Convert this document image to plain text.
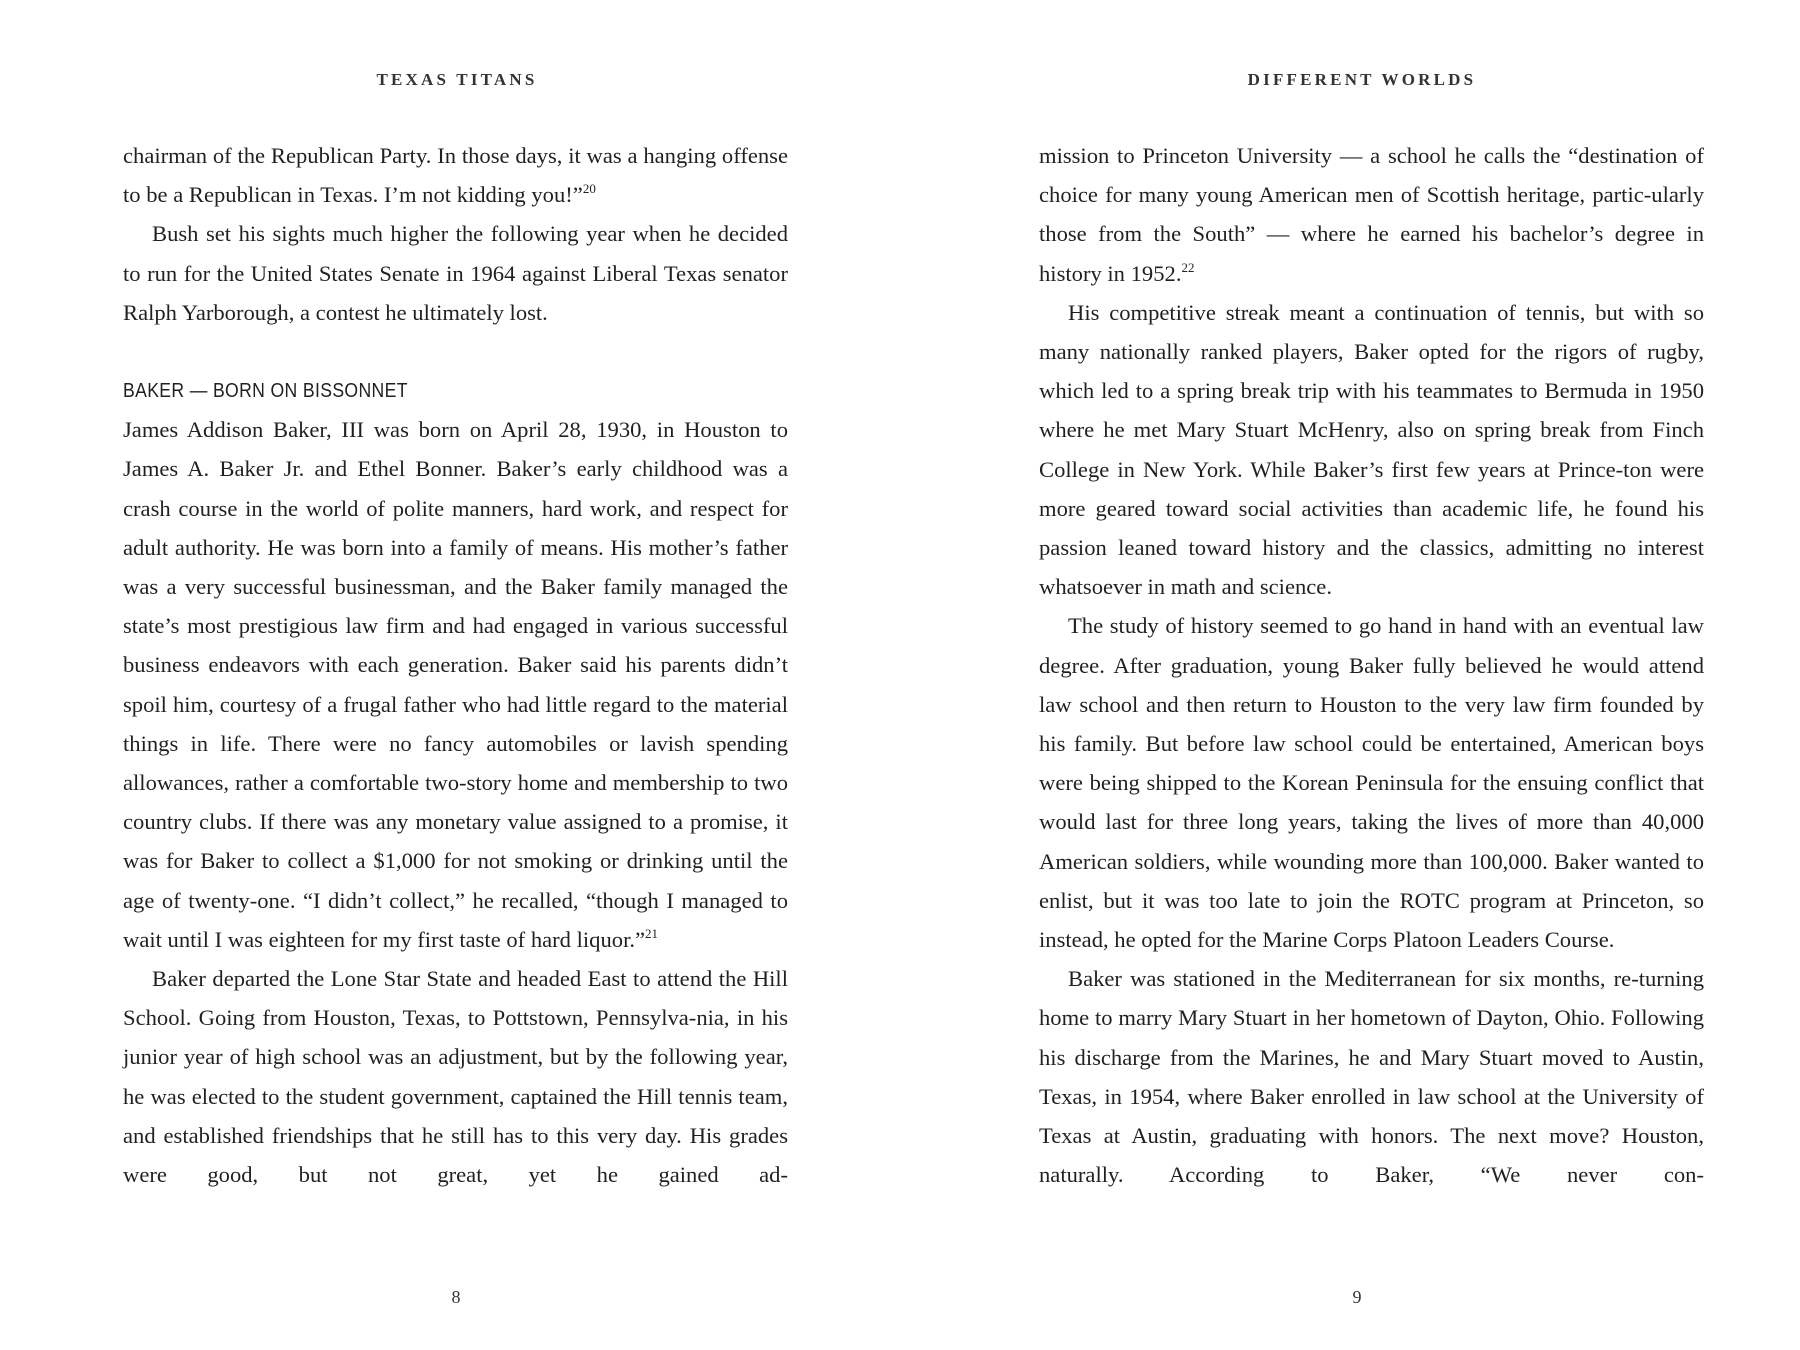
TEXAS TITANS

chairman of the Republican Party. In those days, it was a hanging offense to be a Republican in Texas. I’m not kidding you!”$^{20}$

Bush set his sights much higher the following year when he decided to run for the United States Senate in 1964 against Liberal Texas senator Ralph Yarborough, a contest he ultimately lost.

BAKER — BORN ON BISSONNET

James Addison Baker, III was born on April 28, 1930, in Houston to James A. Baker Jr. and Ethel Bonner. Baker’s early childhood was a crash course in the world of polite manners, hard work, and respect for adult authority. He was born into a family of means. His mother’s father was a very successful businessman, and the Baker family managed the state’s most prestigious law firm and had engaged in various successful business endeavors with each generation. Baker said his parents didn’t spoil him, courtesy of a frugal father who had little regard to the material things in life. There were no fancy automobiles or lavish spending allowances, rather a comfortable two-story home and membership to two country clubs. If there was any monetary value assigned to a promise, it was for Baker to collect a $1,000 for not smoking or drinking until the age of twenty-one. “I didn’t collect,” he recalled, “though I managed to wait until I was eighteen for my first taste of hard liquor.”$^{21}$

Baker departed the Lone Star State and headed East to attend the Hill School. Going from Houston, Texas, to Pottstown, Pennsylva-nia, in his junior year of high school was an adjustment, but by the following year, he was elected to the student government, captained the Hill tennis team, and established friendships that he still has to this very day. His grades were good, but not great, yet he gained ad-

8
DIFFERENT WORLDS

mission to Princeton University — a school he calls the “destination of choice for many young American men of Scottish heritage, partic-ularly those from the South” — where he earned his bachelor’s degree in history in 1952.22

His competitive streak meant a continuation of tennis, but with so many nationally ranked players, Baker opted for the rigors of rugby, which led to a spring break trip with his teammates to Bermuda in 1950 where he met Mary Stuart McHenry, also on spring break from Finch College in New York. While Baker’s first few years at Prince-ton were more geared toward social activities than academic life, he found his passion leaned toward history and the classics, admitting no interest whatsoever in math and science.

The study of history seemed to go hand in hand with an eventual law degree. After graduation, young Baker fully believed he would attend law school and then return to Houston to the very law firm founded by his family. But before law school could be entertained, American boys were being shipped to the Korean Peninsula for the ensuing conflict that would last for three long years, taking the lives of more than 40,000 American soldiers, while wounding more than 100,000. Baker wanted to enlist, but it was too late to join the ROTC program at Princeton, so instead, he opted for the Marine Corps Platoon Leaders Course.

Baker was stationed in the Mediterranean for six months, re-turning home to marry Mary Stuart in her hometown of Dayton, Ohio. Following his discharge from the Marines, he and Mary Stuart moved to Austin, Texas, in 1954, where Baker enrolled in law school at the University of Texas at Austin, graduating with honors. The next move? Houston, naturally. According to Baker, “We never con-

9
